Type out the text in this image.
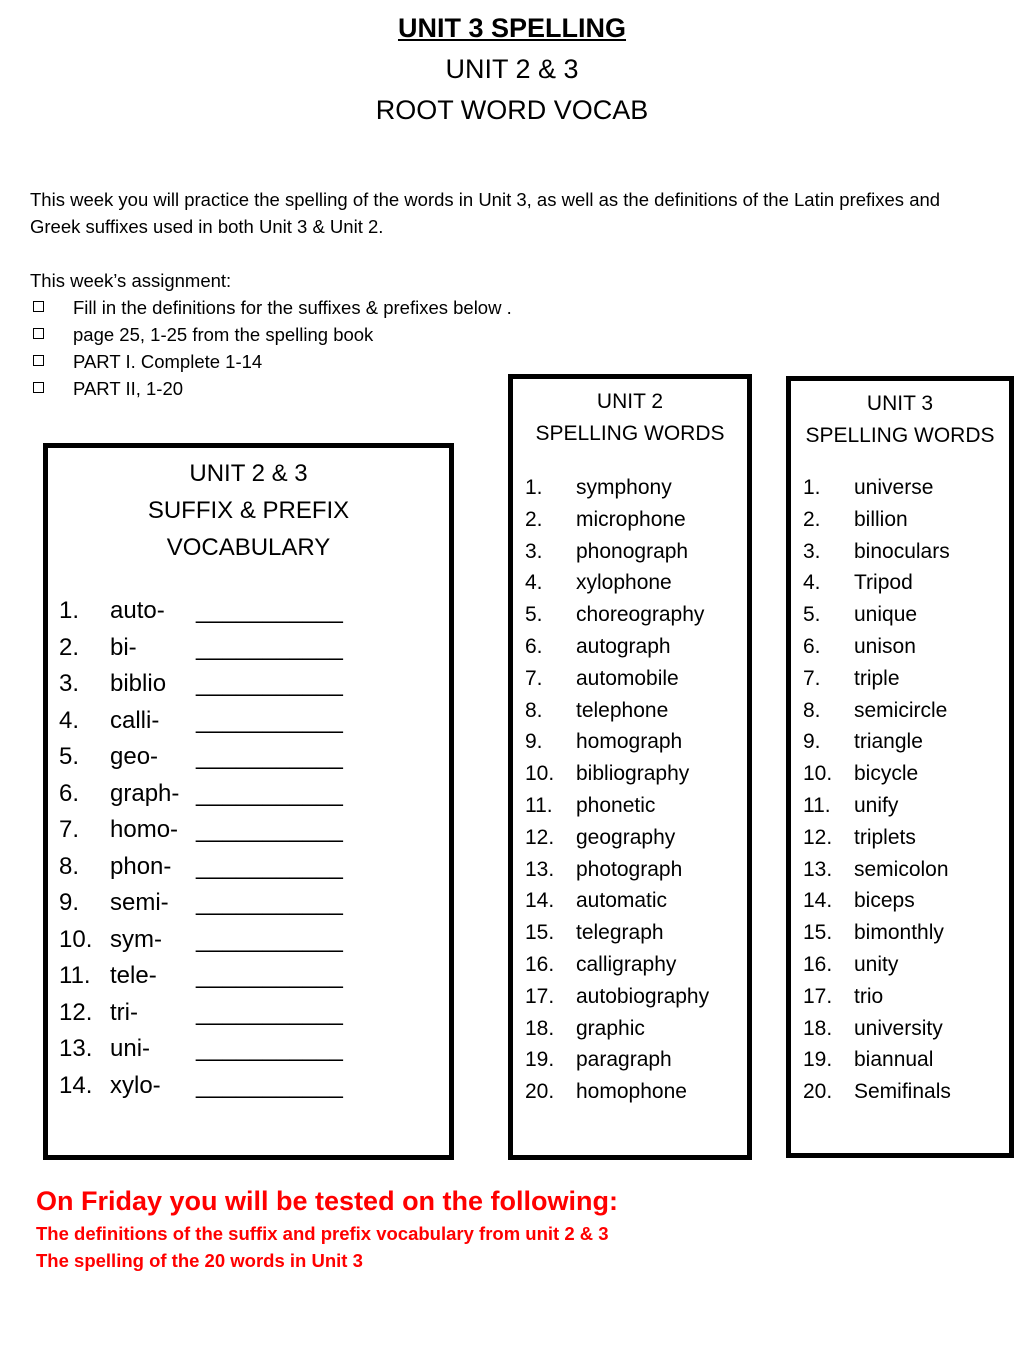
UNIT 3 SPELLING
UNIT 2 & 3
ROOT WORD VOCAB
This week you will practice the spelling of the words in Unit 3, as well as the definitions of the Latin prefixes and Greek suffixes used in both Unit 3 & Unit 2.
This week’s assignment:
Fill in the definitions for the suffixes & prefixes below .
page 25, 1-25 from the spelling book
PART I. Complete 1-14
PART II, 1-20
UNIT 2 & 3
SUFFIX & PREFIX
VOCABULARY
1.	auto-	___________
2.	bi-	___________
3.	biblio	___________
4.	calli-	___________
5.	geo-	___________
6.	graph- ___________
7.	homo- ___________
8.	phon-	___________
9.	semi-	___________
10. sym-	___________
11. tele-	___________
12. tri-	___________
13. uni-	___________
14. xylo-	___________
UNIT 2
SPELLING WORDS
1.	symphony
2.	microphone
3.	phonograph
4.	xylophone
5.	choreography
6.	autograph
7.	automobile
8.	telephone
9.	homograph
10.	bibliography
11.	phonetic
12.	geography
13.	photograph
14.	automatic
15.	telegraph
16.	calligraphy
17.	autobiography
18.	graphic
19.	paragraph
20.	homophone
UNIT 3
SPELLING WORDS
1.	universe
2.	billion
3.	binoculars
4.	Tripod
5.	unique
6.	unison
7.	triple
8.	semicircle
9.	triangle
10.	bicycle
11.	unify
12.	triplets
13.	semicolon
14.	biceps
15.	bimonthly
16.	unity
17.	trio
18.	university
19.	biannual
20.	Semifinals
On Friday you will be tested on the following:
The definitions of the suffix and prefix vocabulary from unit 2 & 3
The spelling of the 20 words in Unit 3
